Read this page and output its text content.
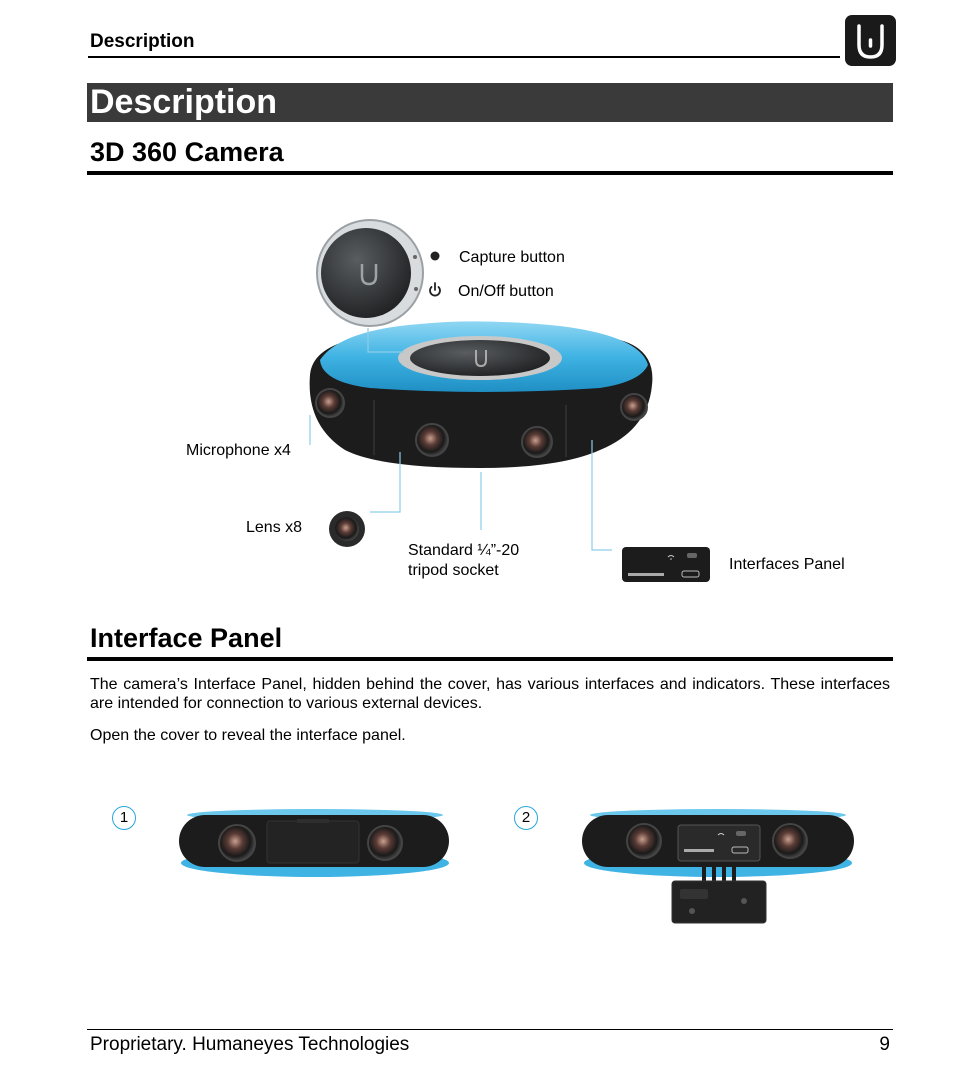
Description
Description
3D 360 Camera
Capture button
On/Off button
Microphone x4
Lens x8
Standard ¼”-20
tripod socket	Interfaces Panel
Interface Panel
The camera’s Interface Panel, hidden behind the cover, has various interfaces and indicators. These interfaces are intended for connection to various external devices.
Open the cover to reveal the interface panel.
1	2
Proprietary. Humaneyes Technologies	9
